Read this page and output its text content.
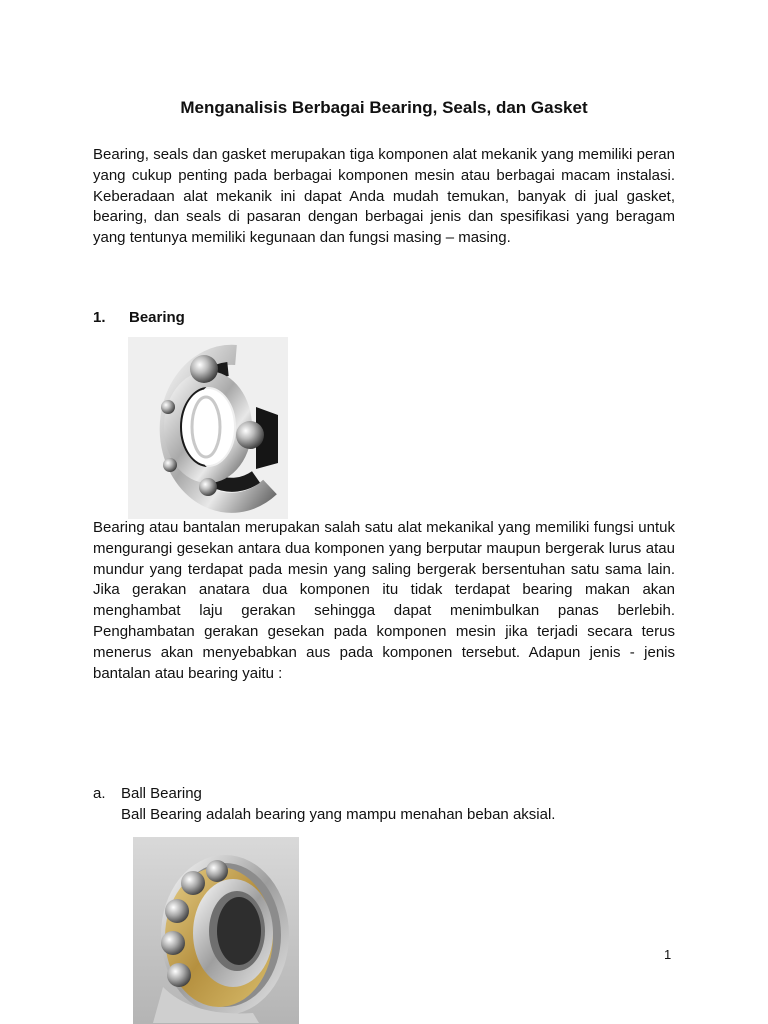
Menganalisis Berbagai Bearing, Seals, dan Gasket

Bearing, seals dan gasket merupakan tiga komponen alat mekanik yang memiliki peran yang cukup penting pada berbagai komponen mesin atau berbagai macam instalasi. Keberadaan alat mekanik ini dapat Anda mudah temukan, banyak di jual gasket, bearing, dan seals di pasaran dengan berbagai jenis dan spesifikasi yang beragam yang tentunya memiliki kegunaan dan fungsi masing – masing.

1. Bearing

Bearing atau bantalan merupakan salah satu alat mekanikal yang memiliki fungsi untuk mengurangi gesekan antara dua komponen yang berputar maupun bergerak lurus atau mundur yang terdapat pada mesin yang saling bergerak bersentuhan satu sama lain. Jika gerakan anatara dua komponen itu tidak terdapat bearing makan akan menghambat laju gerakan sehingga dapat menimbulkan panas berlebih. Penghambatan gerakan gesekan pada komponen mesin jika terjadi secara terus menerus akan menyebabkan aus pada komponen tersebut. Adapun jenis - jenis bantalan atau bearing yaitu :

a. Ball Bearing

Ball Bearing adalah bearing yang mampu menahan beban aksial.

1
